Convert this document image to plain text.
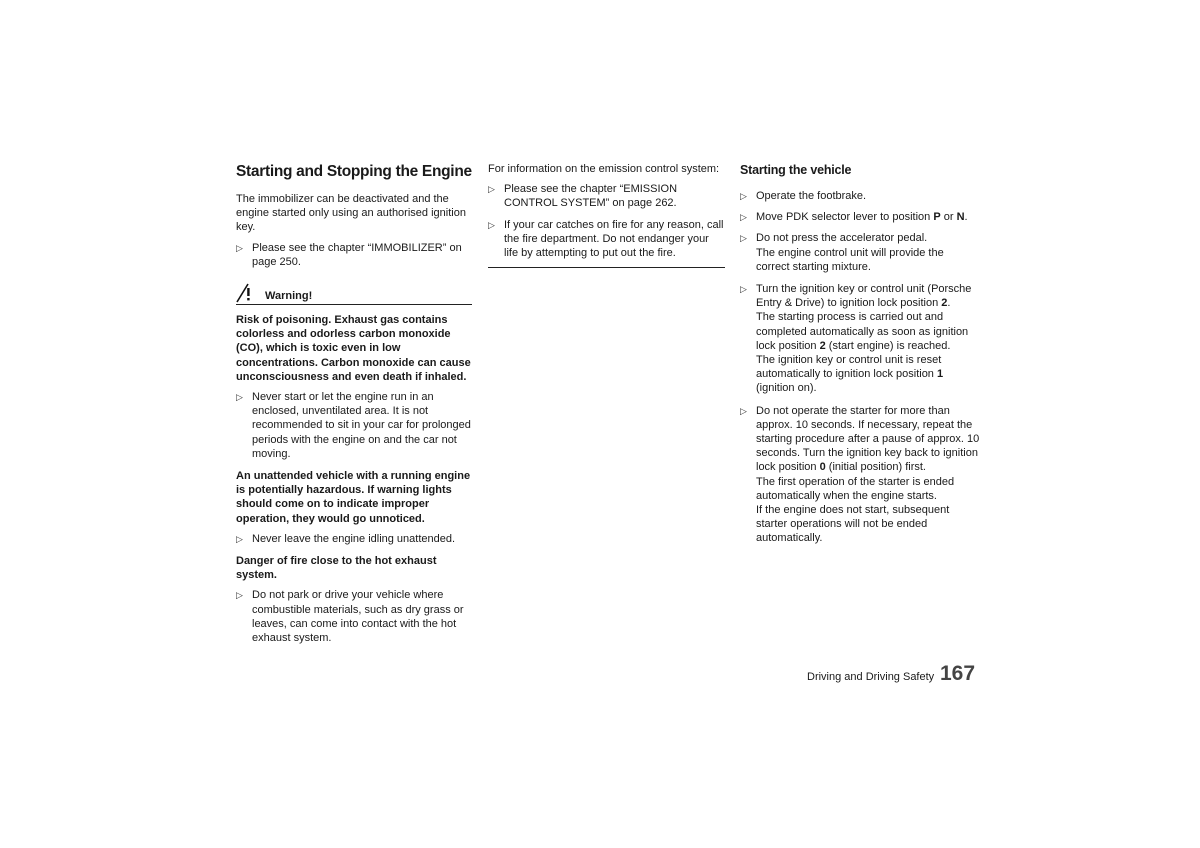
Starting and Stopping the Engine

The immobilizer can be deactivated and the engine started only using an authorised ignition key.

▷ Please see the chapter “IMMOBILIZER” on page 250.
Warning!

Risk of poisoning. Exhaust gas contains colorless and odorless carbon monoxide (CO), which is toxic even in low concentrations. Carbon monoxide can cause unconsciousness and even death if inhaled.

▷ Never start or let the engine run in an enclosed, unventilated area. It is not recommended to sit in your car for prolonged periods with the engine on and the car not moving.

An unattended vehicle with a running engine is potentially hazardous. If warning lights should come on to indicate improper operation, they would go unnoticed.

▷ Never leave the engine idling unattended.

Danger of fire close to the hot exhaust system.

▷ Do not park or drive your vehicle where combustible materials, such as dry grass or leaves, can come into contact with the hot exhaust system.

For information on the emission control system:

▷ Please see the chapter “EMISSION CONTROL SYSTEM” on page 262.
▷ If your car catches on fire for any reason, call the fire department. Do not endanger your life by attempting to put out the fire.
Starting the vehicle
▷ Operate the footbrake.
▷ Move PDK selector lever to position P or N.
▷ Do not press the accelerator pedal.
The engine control unit will provide the correct starting mixture.
▷ Turn the ignition key or control unit (Porsche Entry & Drive) to ignition lock position 2.
The starting process is carried out and completed automatically as soon as ignition lock position 2 (start engine) is reached.
The ignition key or control unit is reset automatically to ignition lock position 1
(ignition on).
▷ Do not operate the starter for more than approx. 10 seconds. If necessary, repeat the starting procedure after a pause of approx. 10 seconds. Turn the ignition key back to ignition lock position 0 (initial position) first.
The first operation of the starter is ended automatically when the engine starts.
If the engine does not start, subsequent starter operations will not be ended automatically.
Driving and Driving Safety 167
